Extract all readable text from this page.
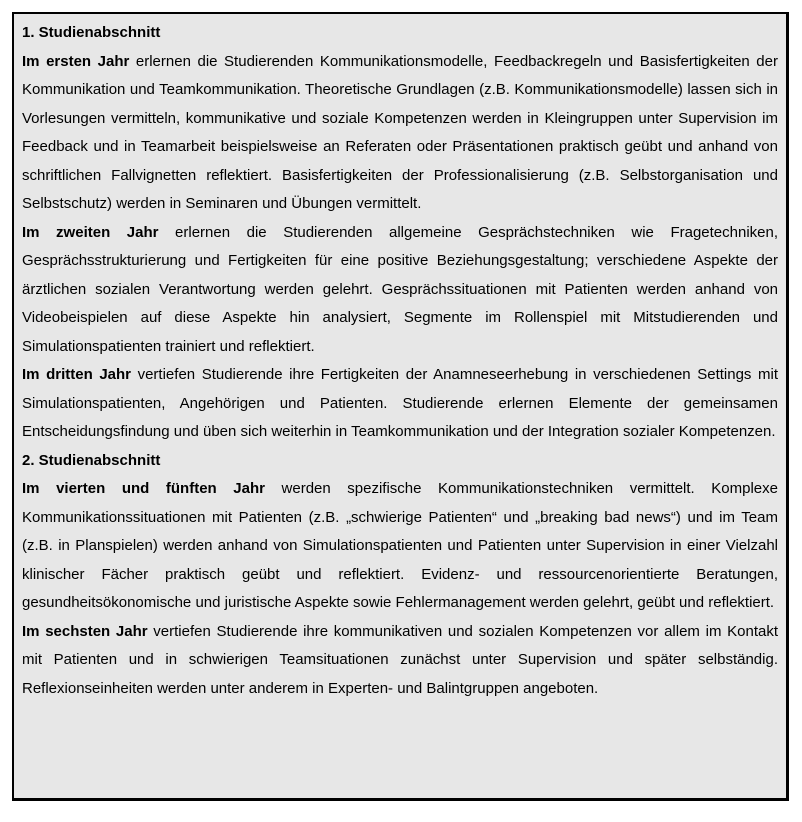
1. Studienabschnitt

Im ersten Jahr erlernen die Studierenden Kommunikationsmodelle, Feedbackregeln und Basisfertigkeiten der Kommunikation und Teamkommunikation. Theoretische Grundlagen (z.B. Kommunikationsmodelle) lassen sich in Vorlesungen vermitteln, kommunikative und soziale Kompetenzen werden in Kleingruppen unter Supervision im Feedback und in Teamarbeit beispielsweise an Referaten oder Präsentationen praktisch geübt und anhand von schriftlichen Fallvignetten reflektiert. Basisfertigkeiten der Professionalisierung (z.B. Selbstorganisation und Selbstschutz) werden in Seminaren und Übungen vermittelt.

Im zweiten Jahr erlernen die Studierenden allgemeine Gesprächstechniken wie Fragetechniken, Gesprächsstrukturierung und Fertigkeiten für eine positive Beziehungsgestaltung; verschiedene Aspekte der ärztlichen sozialen Verantwortung werden gelehrt. Gesprächssituationen mit Patienten werden anhand von Videobeispielen auf diese Aspekte hin analysiert, Segmente im Rollenspiel mit Mitstudierenden und Simulationspatienten trainiert und reflektiert.

Im dritten Jahr vertiefen Studierende ihre Fertigkeiten der Anamneseerhebung in verschiedenen Settings mit Simulationspatienten, Angehörigen und Patienten. Studierende erlernen Elemente der gemeinsamen Entscheidungsfindung und üben sich weiterhin in Teamkommunikation und der Integration sozialer Kompetenzen.

2. Studienabschnitt

Im vierten und fünften Jahr werden spezifische Kommunikationstechniken vermittelt. Komplexe Kommunikationssituationen mit Patienten (z.B. „schwierige Patienten“ und „breaking bad news“) und im Team (z.B. in Planspielen) werden anhand von Simulationspatienten und Patienten unter Supervision in einer Vielzahl klinischer Fächer praktisch geübt und reflektiert. Evidenz- und ressourcenorientierte Beratungen, gesundheitsökonomische und juristische Aspekte sowie Fehlermanagement werden gelehrt, geübt und reflektiert.

Im sechsten Jahr vertiefen Studierende ihre kommunikativen und sozialen Kompetenzen vor allem im Kontakt mit Patienten und in schwierigen Teamsituationen zunächst unter Supervision und später selbständig. Reflexionseinheiten werden unter anderem in Experten- und Balintgruppen angeboten.
